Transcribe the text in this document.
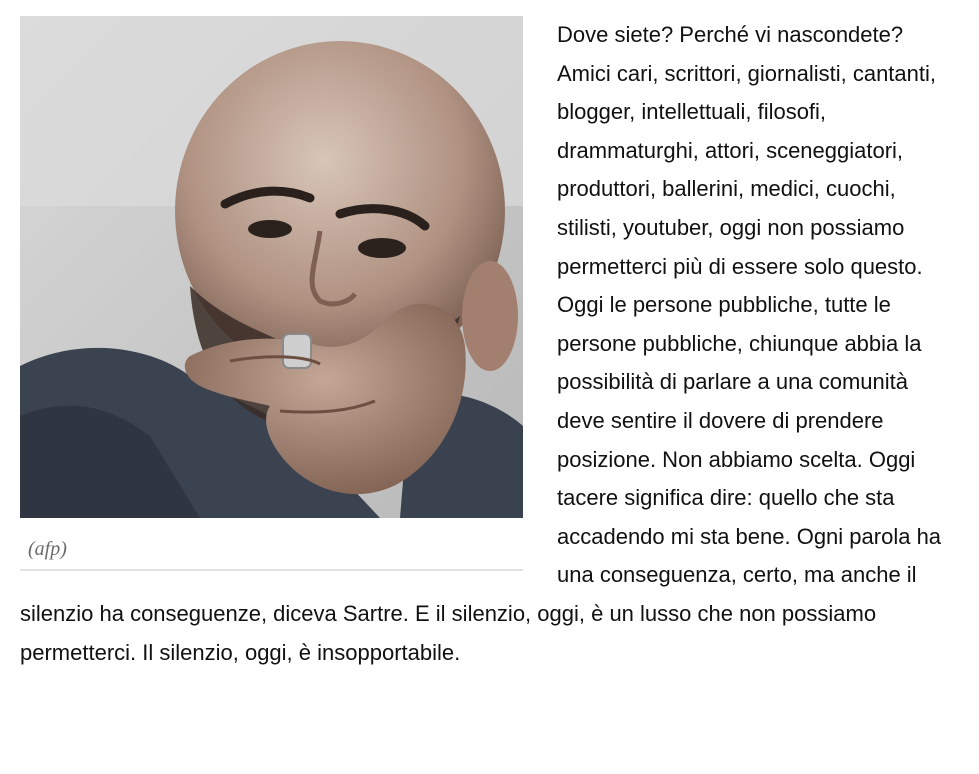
(afp)

Dove siete? Perché vi nascondete? Amici cari, scrittori, giornalisti, cantanti, blogger, intellettuali, filosofi, drammaturghi, attori, sceneggiatori, produttori, ballerini, medici, cuochi, stilisti, youtuber, oggi non possiamo permetterci più di essere solo questo. Oggi le persone pubbliche, tutte le persone pubbliche, chiunque abbia la possibilità di parlare a una comunità deve sentire il dovere di prendere posizione. Non abbiamo scelta. Oggi tacere significa dire: quello che sta accadendo mi sta bene. Ogni parola ha una conseguenza, certo, ma anche il silenzio ha conseguenze, diceva Sartre. E il silenzio, oggi, è un lusso che non possiamo permetterci. Il silenzio, oggi, è insopportabile.
